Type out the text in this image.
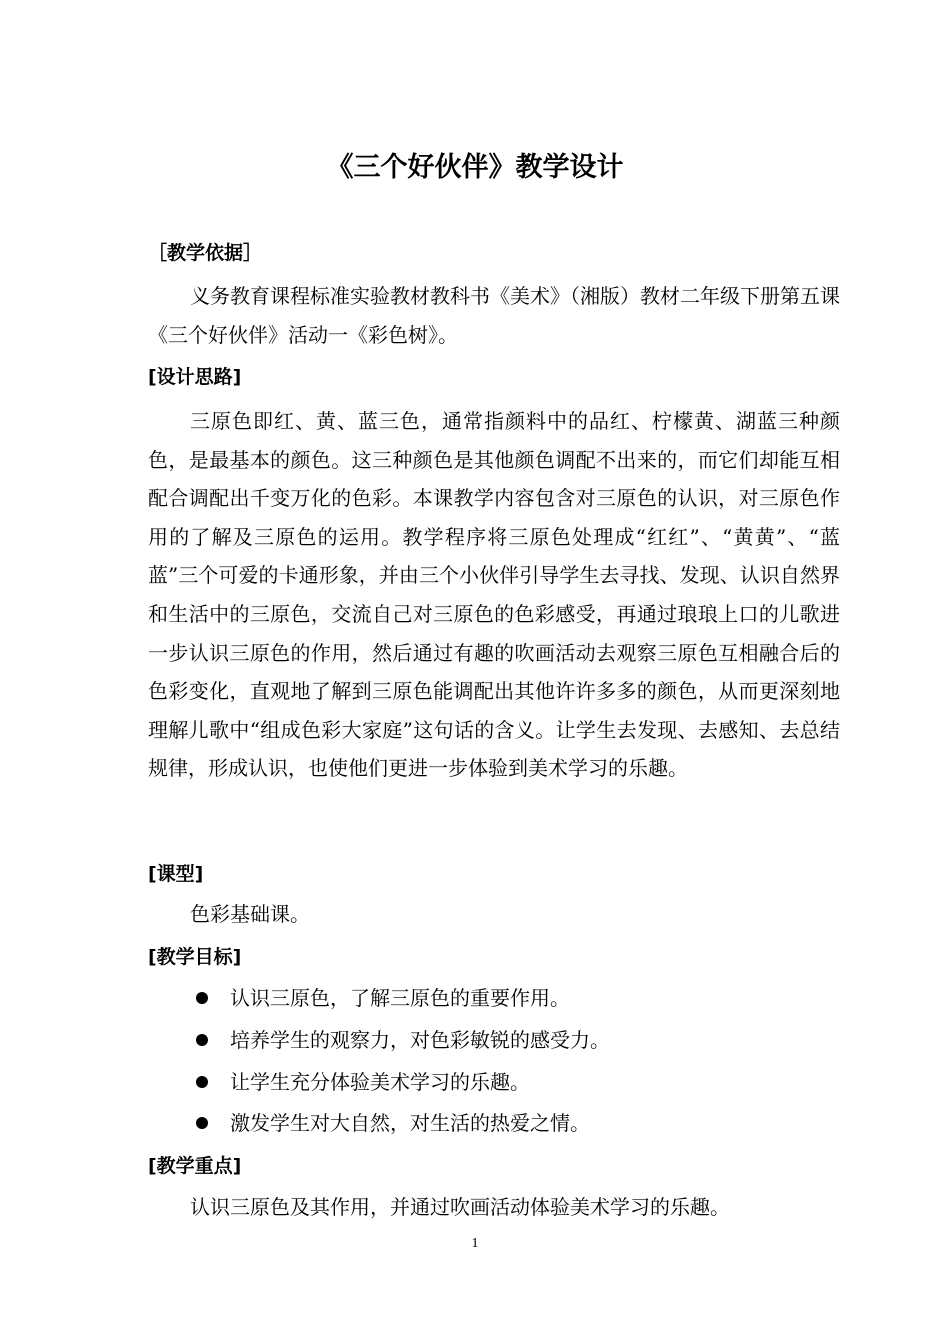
《三个好伙伴》教学设计
［教学依据］

义务教育课程标准实验教材教科书《美术》（湘版）教材二年级下册第五课《三个好伙伴》活动一《彩色树》。

[设计思路]

三原色即红、黄、蓝三色，通常指颜料中的品红、柠檬黄、湖蓝三种颜色，是最基本的颜色。这三种颜色是其他颜色调配不出来的，而它们却能互相配合调配出千变万化的色彩。本课教学内容包含对三原色的认识，对三原色作用的了解及三原色的运用。教学程序将三原色处理成“红红”、“黄黄”、“蓝蓝”三个可爱的卡通形象，并由三个小伙伴引导学生去寻找、发现、认识自然界和生活中的三原色，交流自己对三原色的色彩感受，再通过琅琅上口的儿歌进一步认识三原色的作用，然后通过有趣的吹画活动去观察三原色互相融合后的色彩变化，直观地了解到三原色能调配出其他许许多多的颜色，从而更深刻地理解儿歌中“组成色彩大家庭”这句话的含义。让学生去发现、去感知、去总结规律，形成认识，也使他们更进一步体验到美术学习的乐趣。

[课型]

色彩基础课。

[教学目标]
认识三原色，了解三原色的重要作用。
培养学生的观察力，对色彩敏锐的感受力。
让学生充分体验美术学习的乐趣。
激发学生对大自然，对生活的热爱之情。
[教学重点]

认识三原色及其作用，并通过吹画活动体验美术学习的乐趣。

1
